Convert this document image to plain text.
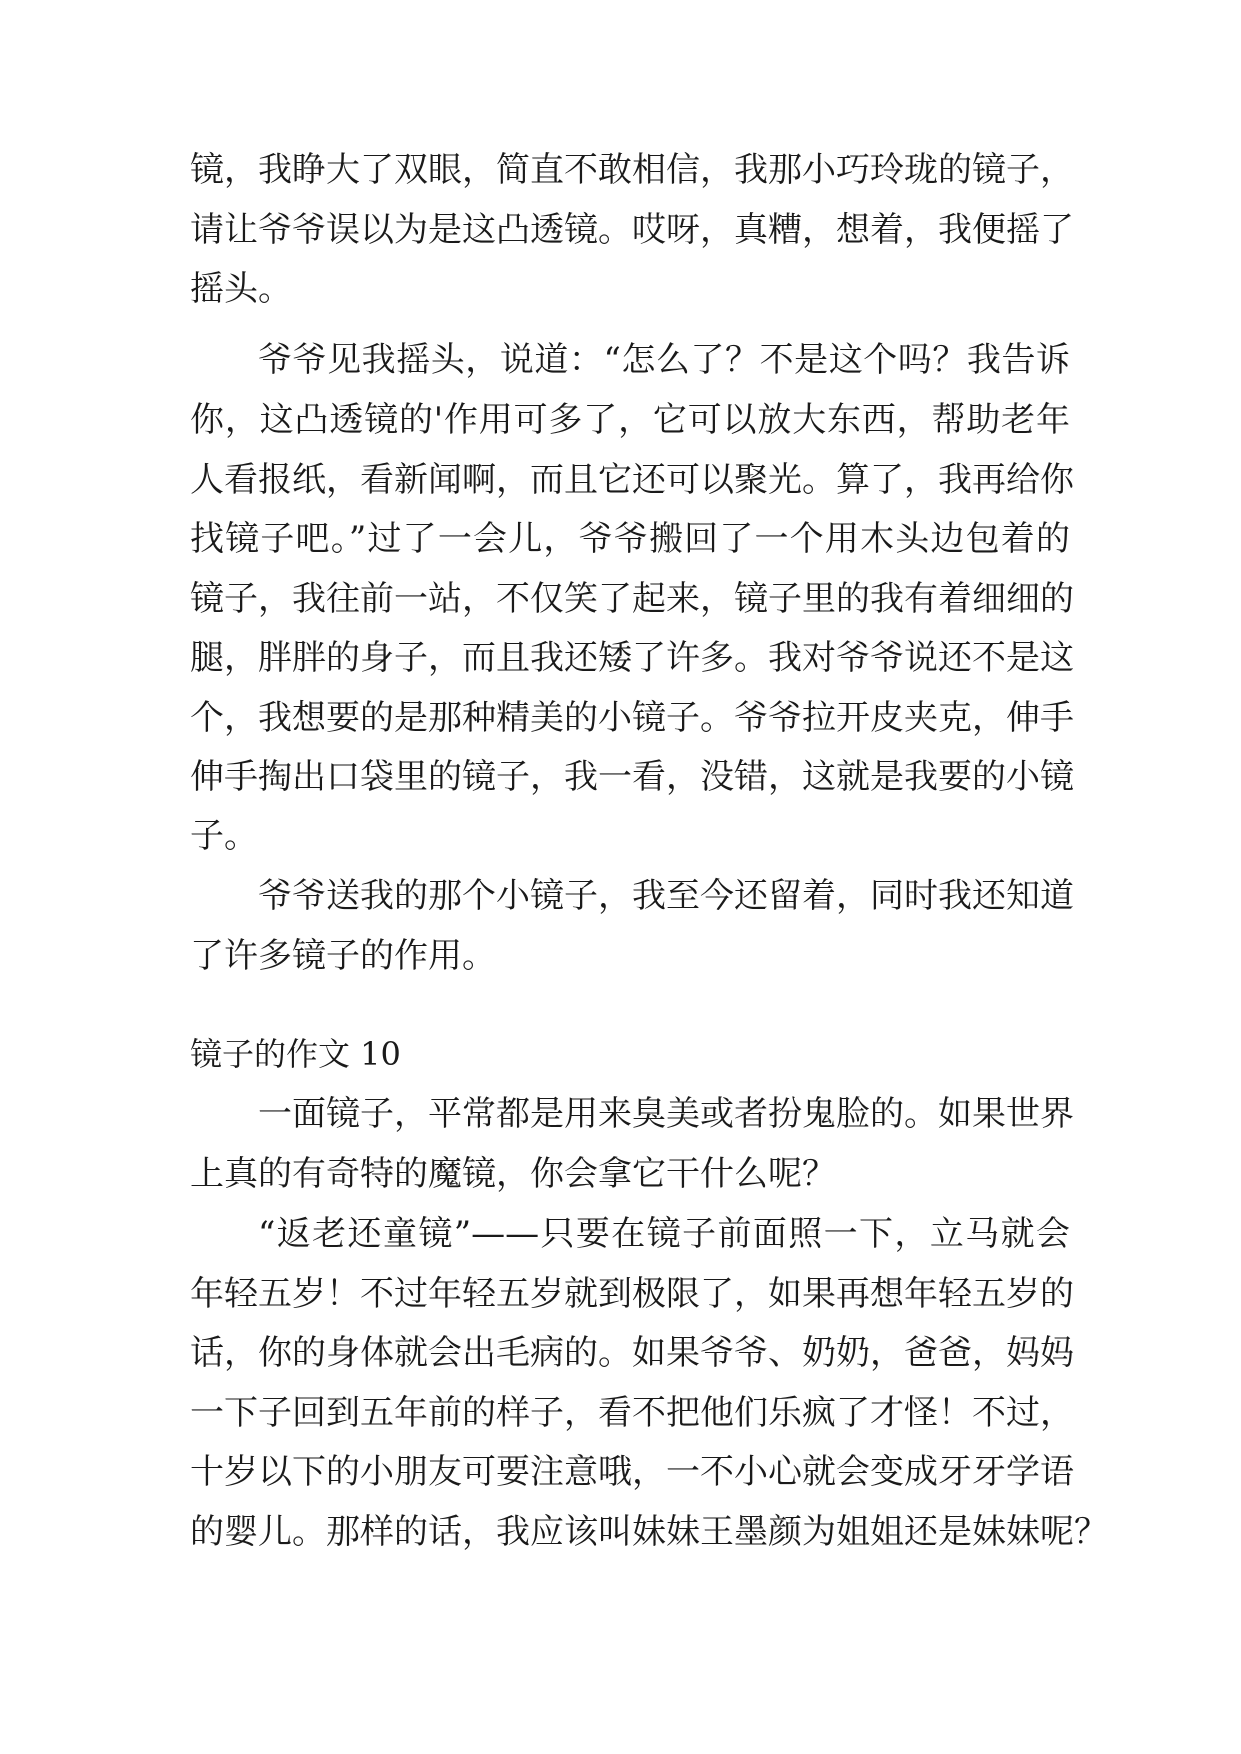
镜，我睁大了双眼，简直不敢相信，我那小巧玲珑的镜子，
请让爷爷误以为是这凸透镜。哎呀，真糟，想着，我便摇了
摇头。
爷爷见我摇头，说道：“怎么了？不是这个吗？我告诉
你，这凸透镜的'作用可多了，它可以放大东西，帮助老年
人看报纸，看新闻啊，而且它还可以聚光。算了，我再给你
找镜子吧。”过了一会儿，爷爷搬回了一个用木头边包着的
镜子，我往前一站，不仅笑了起来，镜子里的我有着细细的
腿，胖胖的身子，而且我还矮了许多。我对爷爷说还不是这
个，我想要的是那种精美的小镜子。爷爷拉开皮夹克，伸手
伸手掏出口袋里的镜子，我一看，没错，这就是我要的小镜
子。
爷爷送我的那个小镜子，我至今还留着，同时我还知道
了许多镜子的作用。
镜子的作文 10
一面镜子，平常都是用来臭美或者扮鬼脸的。如果世界
上真的有奇特的魔镜，你会拿它干什么呢？
“返老还童镜”——只要在镜子前面照一下，立马就会
年轻五岁！不过年轻五岁就到极限了，如果再想年轻五岁的
话，你的身体就会出毛病的。如果爷爷、奶奶，爸爸，妈妈
一下子回到五年前的样子，看不把他们乐疯了才怪！不过，
十岁以下的小朋友可要注意哦，一不小心就会变成牙牙学语
的婴儿。那样的话，我应该叫妹妹王墨颜为姐姐还是妹妹呢？
